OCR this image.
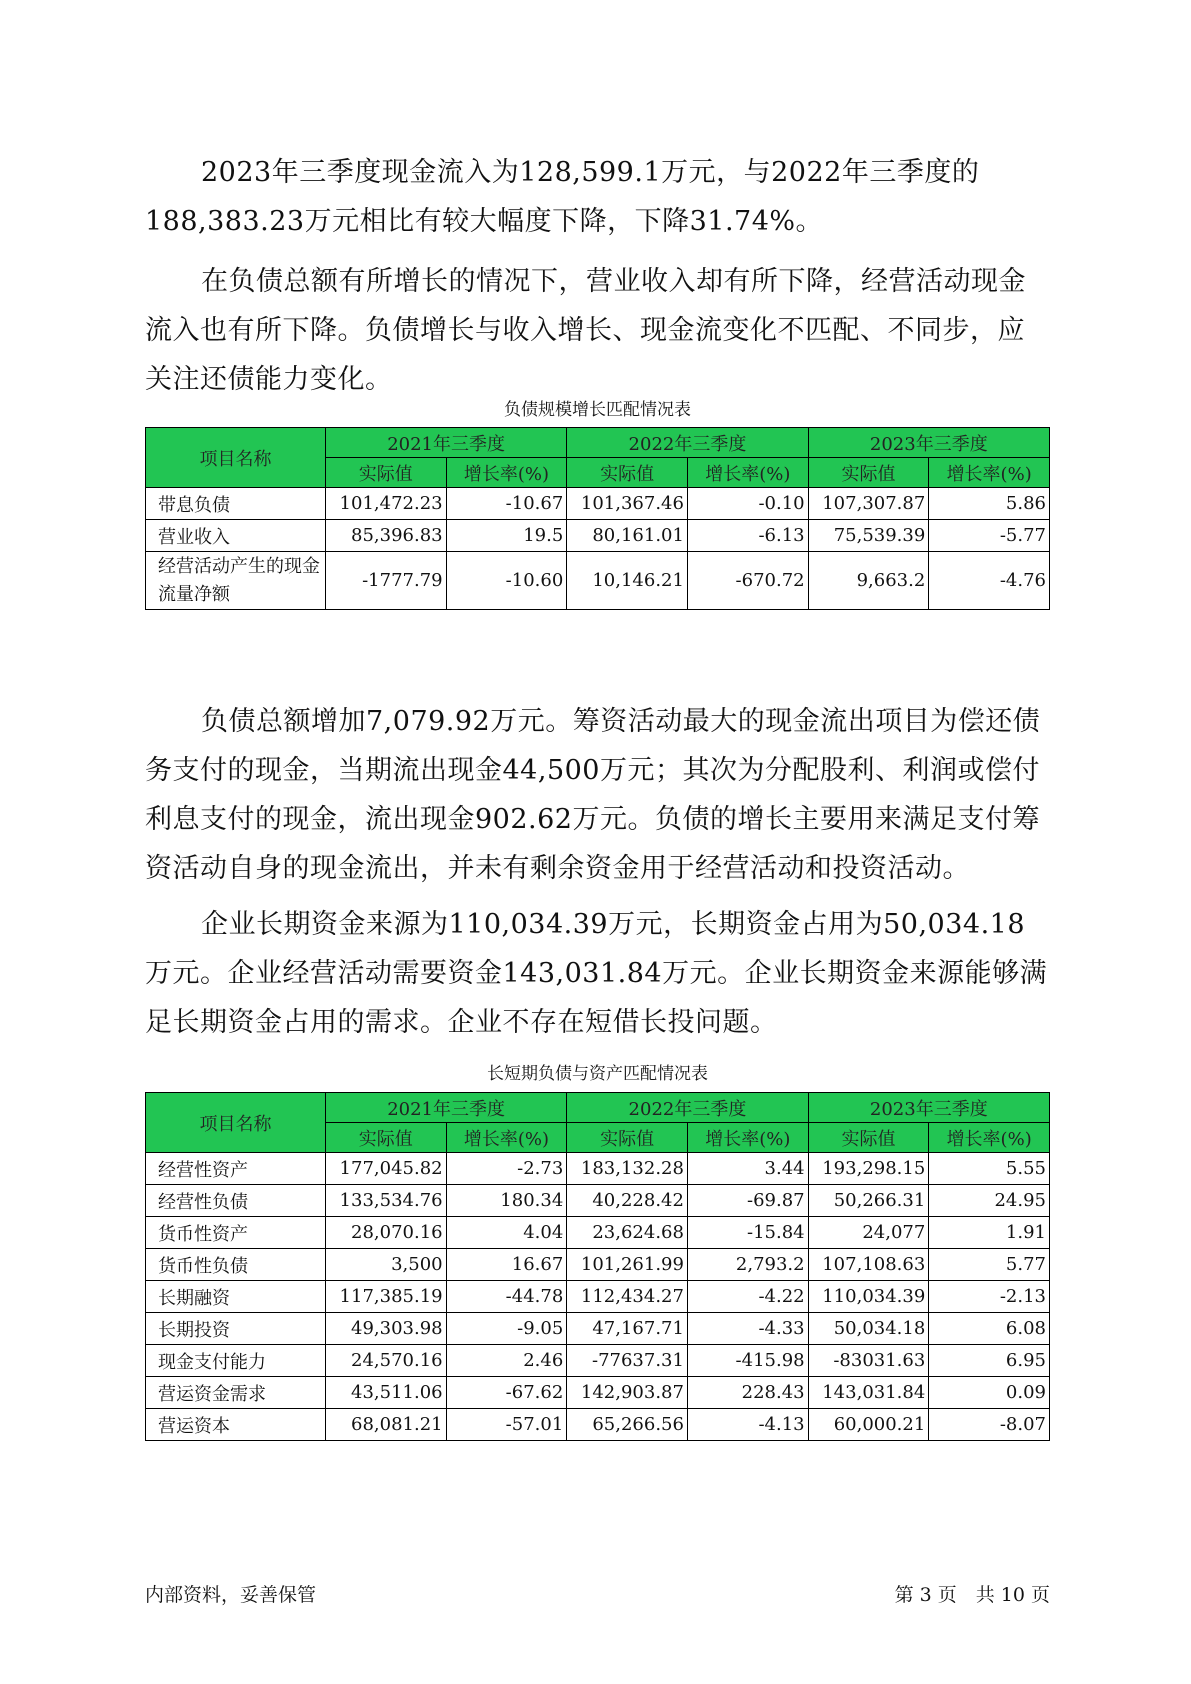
2023年三季度现金流入为128,599.1万元，与2022年三季度的188,383.23万元相比有较大幅度下降，下降31.74%。

在负债总额有所增长的情况下，营业收入却有所下降，经营活动现金流入也有所下降。负债增长与收入增长、现金流变化不匹配、不同步，应关注还债能力变化。

负债规模增长匹配情况表
项目名称	2021年三季度		2022年三季度		2023年三季度	
	实际值	增长率(%)	实际值	增长率(%)	实际值	增长率(%)
带息负债	101,472.23	-10.67	101,367.46	-0.10	107,307.87	5.86
营业收入	85,396.83	19.5	80,161.01	-6.13	75,539.39	-5.77
经营活动产生的现金流量净额	-1777.79	-10.60	10,146.21	-670.72	9,663.2	-4.76

负债总额增加7,079.92万元。筹资活动最大的现金流出项目为偿还债务支付的现金，当期流出现金44,500万元；其次为分配股利、利润或偿付利息支付的现金，流出现金902.62万元。负债的增长主要用来满足支付筹资活动自身的现金流出，并未有剩余资金用于经营活动和投资活动。

企业长期资金来源为110,034.39万元，长期资金占用为50,034.18万元。企业经营活动需要资金143,031.84万元。企业长期资金来源能够满足长期资金占用的需求。企业不存在短借长投问题。

长短期负债与资产匹配情况表
项目名称	2021年三季度		2022年三季度		2023年三季度	
	实际值	增长率(%)	实际值	增长率(%)	实际值	增长率(%)
经营性资产	177,045.82	-2.73	183,132.28	3.44	193,298.15	5.55
经营性负债	133,534.76	180.34	40,228.42	-69.87	50,266.31	24.95
货币性资产	28,070.16	4.04	23,624.68	-15.84	24,077	1.91
货币性负债	3,500	16.67	101,261.99	2,793.2	107,108.63	5.77
长期融资	117,385.19	-44.78	112,434.27	-4.22	110,034.39	-2.13
长期投资	49,303.98	-9.05	47,167.71	-4.33	50,034.18	6.08
现金支付能力	24,570.16	2.46	-77637.31	-415.98	-83031.63	6.95
营运资金需求	43,511.06	-67.62	142,903.87	228.43	143,031.84	0.09
营运资本	68,081.21	-57.01	65,266.56	-4.13	60,000.21	-8.07
内部资料，妥善保管	第 3 页　共 10 页
